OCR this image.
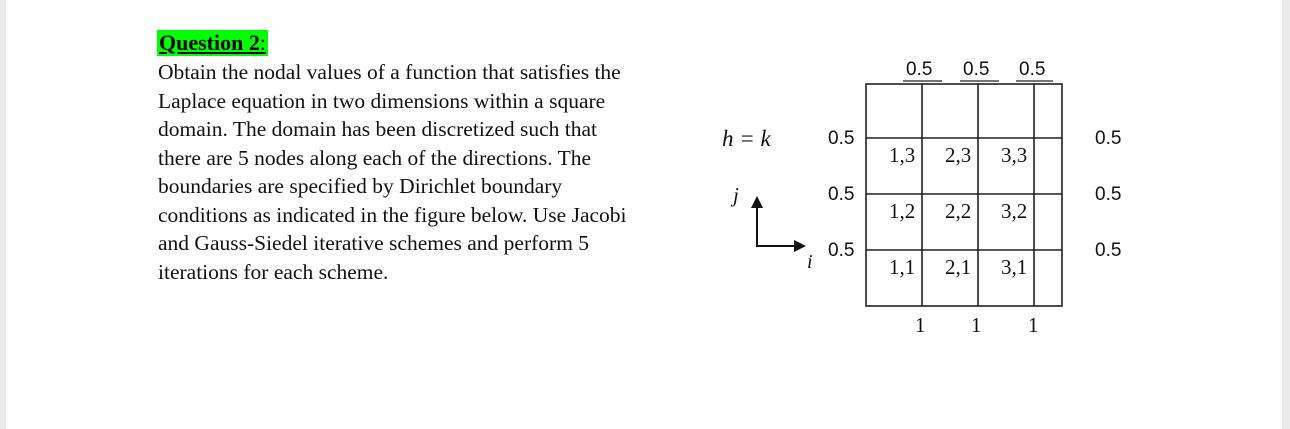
Question 2:
Obtain the nodal values of a function that satisfies the
Laplace equation in two dimensions within a square
domain. The domain has been discretized such that
there are 5 nodes along each of the directions. The
boundaries are specified by Dirichlet boundary
conditions as indicated in the figure below. Use Jacobi
and Gauss-Siedel iterative schemes and perform 5
iterations for each scheme.
h = k
j
i
0.5 0.5 0.5
0.5
0.5
0.5
0.5
0.5
0.5
1 1 1
1,3 2,3 3,3
1,2 2,2 3,2
1,1 2,1 3,1
